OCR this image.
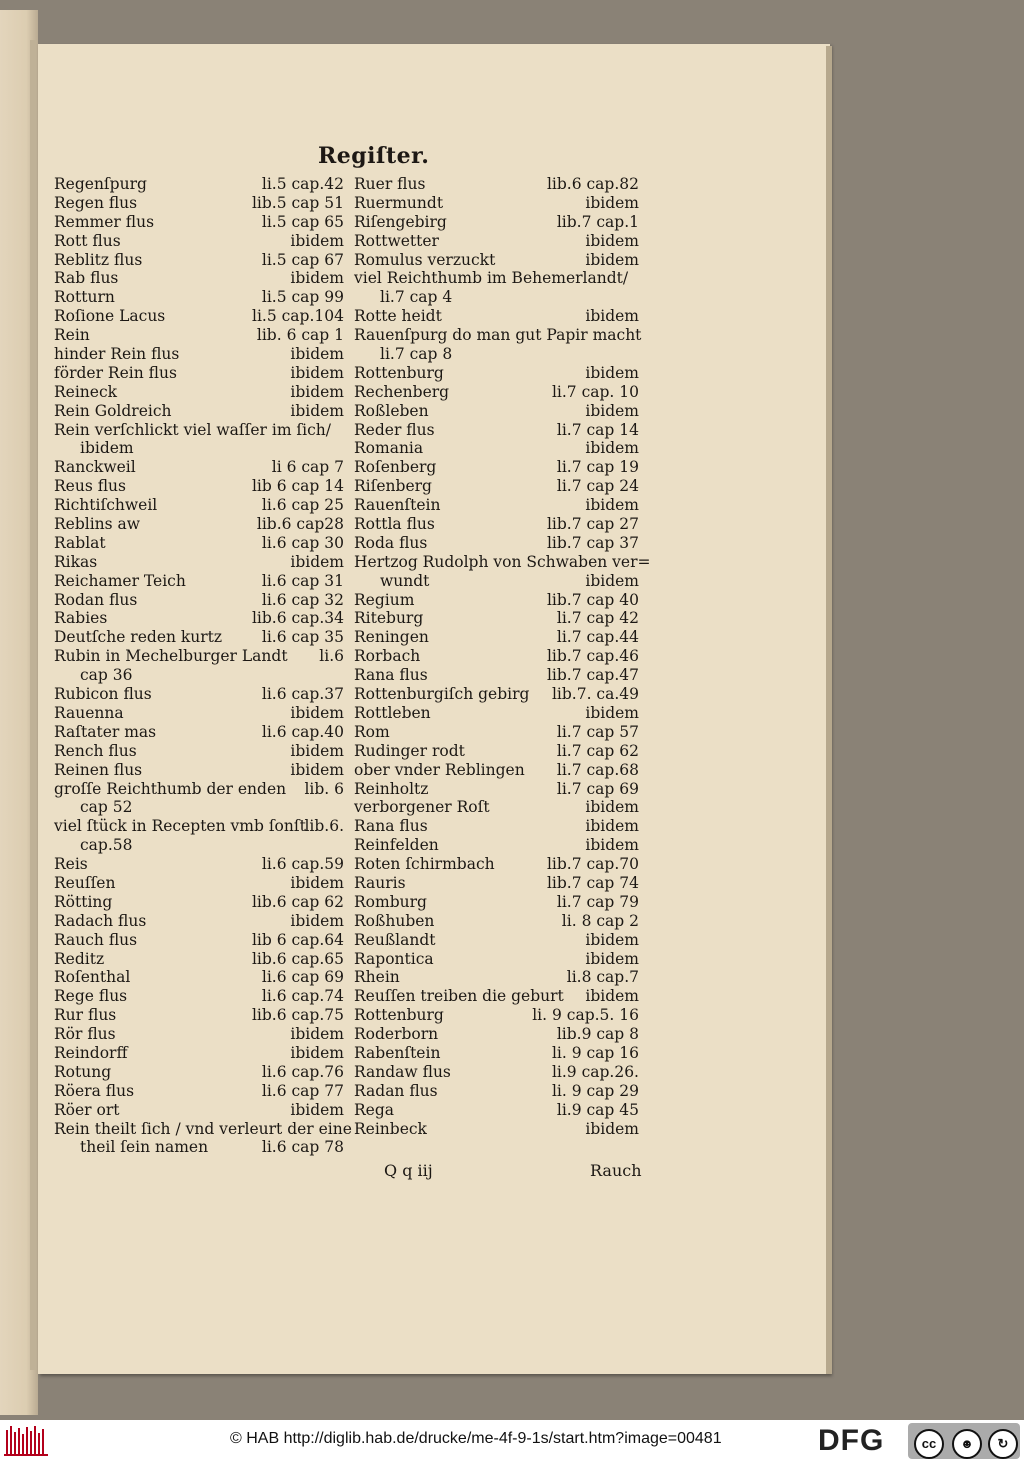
Regiſter.
Regenſpurg	li.5 cap.42
Regen flus	lib.5 cap 51
Remmer flus	li.5 cap 65
Rott flus	ibidem
Reblitz flus	li.5 cap 67
Rab flus	ibidem
Rotturn	li.5 cap 99
Roſione Lacus	li.5 cap.104
Rein	lib. 6 cap 1
hinder Rein flus	ibidem
förder Rein flus	ibidem
Reineck	ibidem
Rein Goldreich	ibidem
Rein verſchlickt viel waſſer im ſich/
ibidem
Ranckweil	li 6 cap 7
Reus flus	lib 6 cap 14
Richtiſchweil	li.6 cap 25
Reblins aw	lib.6 cap28
Rablat	li.6 cap 30
Rikas	ibidem
Reichamer Teich	li.6 cap 31
Rodan flus	li.6 cap 32
Rabies	lib.6 cap.34
Deutſche reden kurtz	li.6 cap 35
Rubin in Mechelburger Landt li.6
cap 36
Rubicon flus	li.6 cap.37
Rauenna	ibidem
Raſtater mas	li.6 cap.40
Rench flus	ibidem
Reinen flus	ibidem
groſſe Reichthumb der enden lib. 6
cap 52
viel ſtück in Recepten vmb ſonſt
lib.6.
cap.58
Reis	li.6 cap.59
Reuſſen	ibidem
Rötting	lib.6 cap 62
Radach flus	ibidem
Rauch flus	lib 6 cap.64
Reditz	lib.6 cap.65
Roſenthal	li.6 cap 69
Rege flus	li.6 cap.74
Rur flus	lib.6 cap.75
Rör flus	ibidem
Reindorff	ibidem
Rotung	li.6 cap.76
Röera flus	li.6 cap 77
Röer ort	ibidem
Rein theilt ſich / vnd verleurt der eine
theil ſein namen	li.6 cap 78
Ruer flus	lib.6 cap.82
Ruermundt	ibidem
Riſengebirg	lib.7 cap.1
Rottwetter	ibidem
Romulus verzuckt	ibidem
viel Reichthumb im Behemerlandt/
li.7 cap 4
Rotte heidt	ibidem
Rauenſpurg do man gut Papir macht
li.7 cap 8
Rottenburg	ibidem
Rechenberg	li.7 cap. 10
Roßleben	ibidem
Reder flus	li.7 cap 14
Romania	ibidem
Roſenberg	li.7 cap 19
Riſenberg	li.7 cap 24
Rauenſtein	ibidem
Rottla flus	lib.7 cap 27
Roda flus	lib.7 cap 37
Hertzog Rudolph von Schwaben ver=
wundt	ibidem
Regium	lib.7 cap 40
Riteburg	li.7 cap 42
Reningen	li.7 cap.44
Rorbach	lib.7 cap.46
Rana flus	lib.7 cap.47
Rottenburgiſch gebirg lib.7. ca.49
Rottleben	ibidem
Rom	li.7 cap 57
Rudinger rodt	li.7 cap 62
ober vnder Reblingen li.7 cap.68
Reinholtz	li.7 cap 69
verborgener Roſt	ibidem
Rana flus	ibidem
Reinfelden	ibidem
Roten ſchirmbach	lib.7 cap.70
Rauris	lib.7 cap 74
Romburg	li.7 cap 79
Roßhuben	li. 8 cap 2
Reußlandt	ibidem
Rapontica	ibidem
Rhein	li.8 cap.7
Reuſſen treiben die geburt ibidem
Rottenburg	li. 9 cap.5. 16
Roderborn	lib.9 cap 8
Rabenſtein	li. 9 cap 16
Randaw flus	li.9 cap.26.
Radan flus	li. 9 cap 29
Rega	li.9 cap 45
Reinbeck	ibidem
Q q iij	Rauch
© HAB http://diglib.hab.de/drucke/me-4f-9-1s/start.htm?image=00481	DFG	cc	☻	↻
